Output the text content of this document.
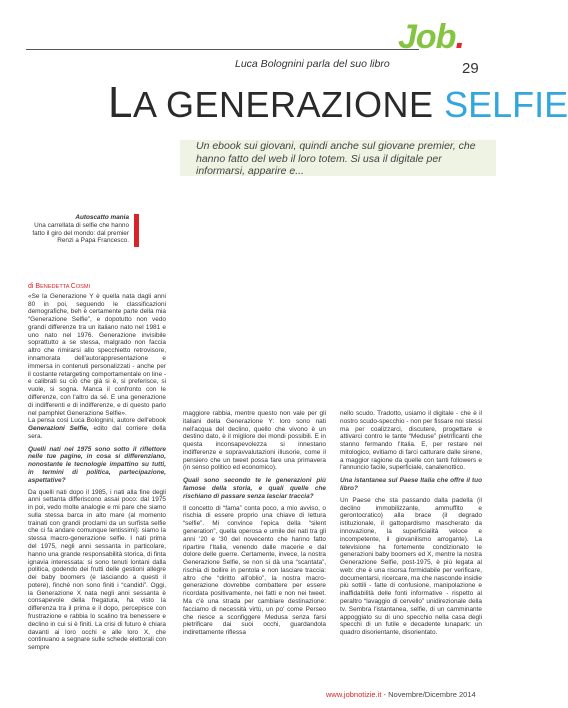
Job.
29
Luca Bolognini parla del suo libro
LA GENERAZIONE SELFIE
Un ebook sui giovani, quindi anche sul giovane premier, che hanno fatto del web il loro totem. Si usa il digitale per informarsi, apparire e...
Autoscatto mania
Una carrellata di selfie che hanno fatto il giro del mondo: dal premier Renzi a Papa Francesco.
di BENEDETTA COSMI

«Se la Generazione Y è quella nata dagli anni 80 in poi, seguendo le classificazioni demografiche, beh è certamente parte della mia “Generazione Selfie”, e dopotutto non vedo grandi differenze tra un italiano nato nel 1981 e uno nato nel 1976. Generazione invisibile soprattutto a se stessa, malgrado non faccia altro che rimirarsi allo specchietto retrovisore, innamorata dell'autorappresentazione e immersa in contenuti personalizzati - anche per il costante retargeting comportamentale on line - e calibrati su ciò che già si è, si preferisce, si vuole, si sogna. Manca il confronto con le differenze, con l'altro da sé. E una generazione di indifferenti e di indifferenze, e di questo parlo nel pamphlet Generazione Selfie».

La pensa così Luca Bolognini, autore dell'ebook Generazioni Selfie, edito dal corriere della sera.

Quelli nati nel 1975 sono sotto il riflettore nelle tue pagine, in cosa si differenziano, nonostante le tecnologie impattino su tutti, in termini di politica, partecipazione, aspettative?

Da quelli nati dopo il 1985, i nati alla fine degli anni settanta differiscono assai poco: dal 1975 in poi, vedo molte analogie e mi pare che siamo sulla stessa barca in alto mare (al momento trainati con grandi proclami da un surfista selfie che ci fa andare comunque lentissimi): siamo la stessa macro-generazione selfie. I nati prima del 1975, negli anni sessanta in particolare, hanno una grande responsabilità storica, di finta ignavia interessata: si sono tenuti lontani dalla politica, godendo dei frutti delle gestioni allegre dei baby boomers (e lasciando a questi il potere), finché non sono finiti i “candidi”. Oggi, la Generazione X nata negli anni sessanta è consapevole della fregatura, ha visto la differenza tra il prima e il dopo, percepisce con frustrazione e rabbia lo scalino tra benessere e declino in cui si è finiti. La crisi di futuro è chiara davanti ai loro occhi e alle loro X, che continuano a segnare sulle schede elettorali con sempre

maggiore rabbia, mentre questo non vale per gli italiani della Generazione Y: loro sono nati nell'acqua del declino, quello che vivono è un destino dato, è il migliore dei mondi possibili. E in questa inconsapevolezza si innestano indifferenze e sopravvalutazioni illusorie, come il pensiero che un tweet possa fare una primavera (in senso politico ed economico).

Quali sono secondo te le generazioni più famose della storia, e quali quelle che rischiano di passare senza lasciar traccia?

Il concetto di “fama” conta poco, a mio avviso, o rischia di essere proprio una chiave di lettura “selfie”. Mi convince l'epica della “silent generation”, quella operosa e umile dei nati tra gli anni '20 e '30 del novecento che hanno fatto ripartire l'Italia, venendo dalle macerie e dal dolore delle guerre. Certamente, invece, la nostra Generazione Selfie, se non si dà una “scantata”, rischia di bollire in pentola e non lasciare traccia: altro che “diritto all'oblio”, la nostra macro-generazione dovrebbe combattere per essere ricordata positivamente, nei fatti e non nei tweet. Ma c'è una strada per cambiare destinazione: facciamo di necessità virtù, un po' come Perseo che riesce a sconfiggere Medusa senza farsi pietrificare dai suoi occhi, guardandola indirettamente riflessa

nello scudo. Tradotto, usiamo il digitale - che è il nostro scudo-specchio - non per fissare noi stessi ma per coalizzarci, discutere, progettare e attivarci contro le tante “Meduse” pietrificanti che stanno fermando l'Italia. E, per restare nel mitologico, evitiamo di farci catturare dalle sirene, a maggior ragione da quelle con tanti followers e l'annuncio facile, superficiale, canalenottico.

Una istantanea sul Paese Italia che offre il tuo libro?

Un Paese che sta passando dalla padella (il declino immobilizzante, ammuffito e gerontocratico) alla brace (il degrado istituzionale, il gattopardismo mascherato da innovazione, la superficialità veloce e incompetente, il giovanilismo arrogante). La televisione ha fortemente condizionato le generazioni baby boomers ed X, mentre la nostra Generazione Selfie, post-1975, è più legata al web: che è una risorsa formidabile per verificare, documentarsi, ricercare, ma che nasconde insidie più sottili - fatte di confusione, manipolazione e inaffidabilità delle fonti informative - rispetto al peraltro “lavaggio di cervello” unidirezionale della tv. Sembra l'istantanea, selfie, di un camminante appoggiato su di uno specchio nella casa degli specchi di un futile e decadente lunapark: un quadro disorientante, disorientato.

www.jobnotizie.it - Novembre/Dicembre 2014
